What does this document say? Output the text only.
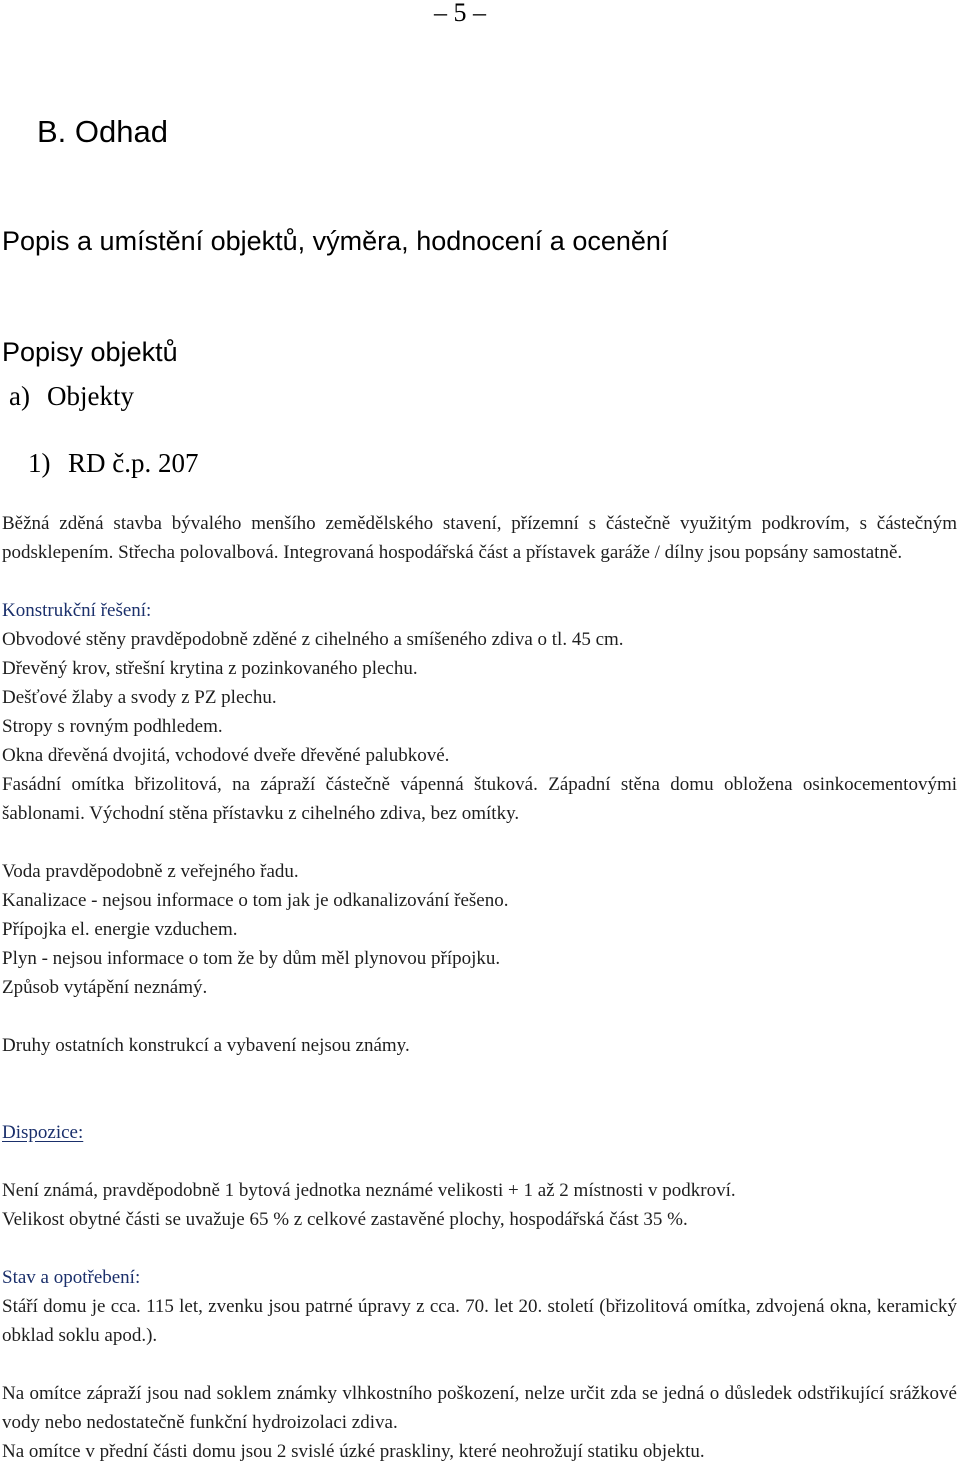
– 5 –
B. Odhad
Popis a umístění objektů, výměra, hodnocení a ocenění
Popisy objektů
a) Objekty
1) RD č.p. 207

Běžná zděná stavba bývalého menšího zemědělského stavení, přízemní s částečně využitým podkrovím, s částečným podsklepením. Střecha polovalbová. Integrovaná hospodářská část a přístavek garáže / dílny jsou popsány samostatně.

Konstrukční řešení:

Obvodové stěny pravděpodobně zděné z cihelného a smíšeného zdiva o tl. 45 cm.

Dřevěný krov, střešní krytina z pozinkovaného plechu.

Dešťové žlaby a svody z PZ plechu.

Stropy s rovným podhledem.

Okna dřevěná dvojitá, vchodové dveře dřevěné palubkové.

Fasádní omítka břizolitová, na zápraží částečně vápenná štuková. Západní stěna domu obložena osinkocementovými šablonami. Východní stěna přístavku z cihelného zdiva, bez omítky.

Voda pravděpodobně z veřejného řadu.

Kanalizace - nejsou informace o tom jak je odkanalizování řešeno.

Přípojka el. energie vzduchem.

Plyn - nejsou informace o tom že by dům měl plynovou přípojku.

Způsob vytápění neznámý.

Druhy ostatních konstrukcí a vybavení nejsou známy.

Dispozice:

Není známá, pravděpodobně 1 bytová jednotka neznámé velikosti + 1 až 2 místnosti v podkroví.

Velikost obytné části se uvažuje 65 % z celkové zastavěné plochy, hospodářská část 35 %.

Stav a opotřebení:

Stáří domu je cca. 115 let, zvenku jsou patrné úpravy z cca. 70. let 20. století (břizolitová omítka, zdvojená okna, keramický obklad soklu apod.).

Na omítce zápraží jsou nad soklem známky vlhkostního poškození, nelze určit zda se jedná o důsledek odstřikující srážkové vody nebo nedostatečně funkční hydroizolaci zdiva.

Na omítce v přední části domu jsou 2 svislé úzké praskliny, které neohrožují statiku objektu.
